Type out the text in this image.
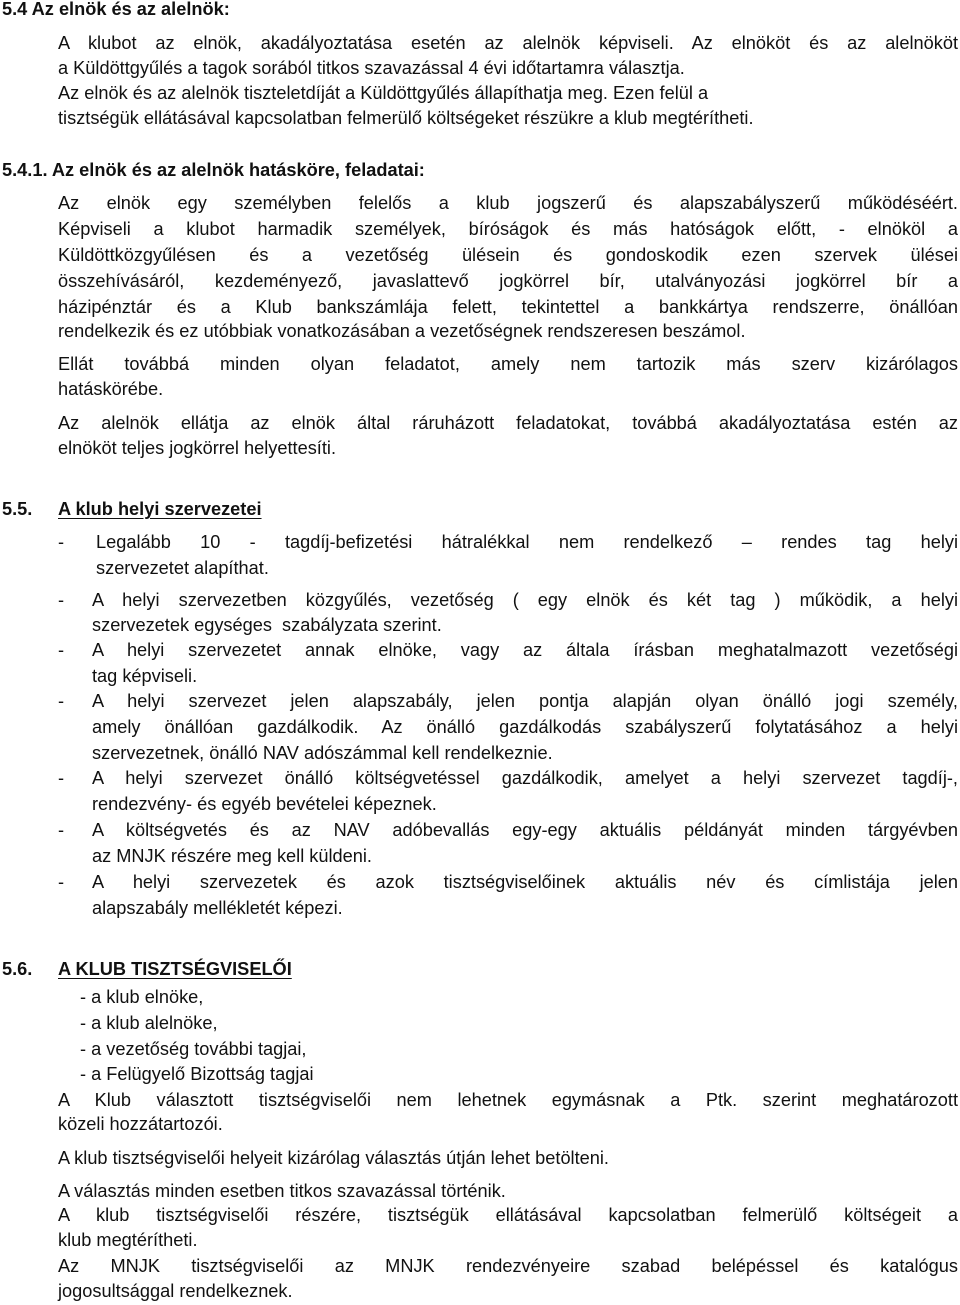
5.4 Az elnök és az alelnök:
A klubot az elnök, akadályoztatása esetén az alelnök képviseli. Az elnököt és az alelnököt
a Küldöttgyűlés a tagok sorából titkos szavazással 4 évi időtartamra választja.
Az elnök és az alelnök tiszteletdíját a Küldöttgyűlés állapíthatja meg. Ezen felül a
tisztségük ellátásával kapcsolatban felmerülő költségeket részükre a klub megtérítheti.
5.4.1. Az elnök és az alelnök hatásköre, feladatai:
Az elnök egy személyben felelős a klub jogszerű és alapszabályszerű működéséért.
Képviseli a klubot harmadik személyek, bíróságok és más hatóságok előtt, - elnököl a
Küldöttközgyűlésen és a vezetőség ülésein és gondoskodik ezen szervek ülései
összehívásáról, kezdeményező, javaslattevő jogkörrel bír, utalványozási jogkörrel bír a
házipénztár és a Klub bankszámlája felett, tekintettel a bankkártya rendszerre, önállóan
rendelkezik és ez utóbbiak vonatkozásában a vezetőségnek rendszeresen beszámol.
Ellát továbbá minden olyan feladatot, amely nem tartozik más szerv kizárólagos
hatáskörébe.
Az alelnök ellátja az elnök által ráruházott feladatokat, továbbá akadályoztatása estén az
elnököt teljes jogkörrel helyettesíti.
5.5. A klub helyi szervezetei
- Legalább 10 - tagdíj-befizetési hátralékkal nem rendelkező – rendes tag helyi
szervezetet alapíthat.
- A helyi szervezetben közgyűlés, vezetőség ( egy elnök és két tag ) működik, a helyi
szervezetek egységes  szabályzata szerint.
- A helyi szervezetet annak elnöke, vagy az általa írásban meghatalmazott vezetőségi
tag képviseli.
- A helyi szervezet jelen alapszabály, jelen pontja alapján olyan önálló jogi személy,
amely önállóan gazdálkodik. Az önálló gazdálkodás szabályszerű folytatásához a helyi
szervezetnek, önálló NAV adószámmal kell rendelkeznie.
- A helyi szervezet önálló költségvetéssel gazdálkodik, amelyet a helyi szervezet tagdíj-,
rendezvény- és egyéb bevételei képeznek.
- A költségvetés és az NAV adóbevallás egy-egy aktuális példányát minden tárgyévben
az MNJK részére meg kell küldeni.
- A helyi szervezetek és azok tisztségviselőinek aktuális név és címlistája jelen
alapszabály mellékletét képezi.
5.6. A KLUB TISZTSÉGVISELŐI
- a klub elnöke,
- a klub alelnöke,
- a vezetőség további tagjai,
- a Felügyelő Bizottság tagjai
A Klub választott tisztségviselői nem lehetnek egymásnak a Ptk. szerint meghatározott
közeli hozzátartozói.
A klub tisztségviselői helyeit kizárólag választás útján lehet betölteni.
A választás minden esetben titkos szavazással történik.
A klub tisztségviselői részére, tisztségük ellátásával kapcsolatban felmerülő költségeit a
klub megtérítheti.
Az MNJK tisztségviselői az MNJK rendezvényeire szabad belépéssel és katalógus
jogosultsággal rendelkeznek.
